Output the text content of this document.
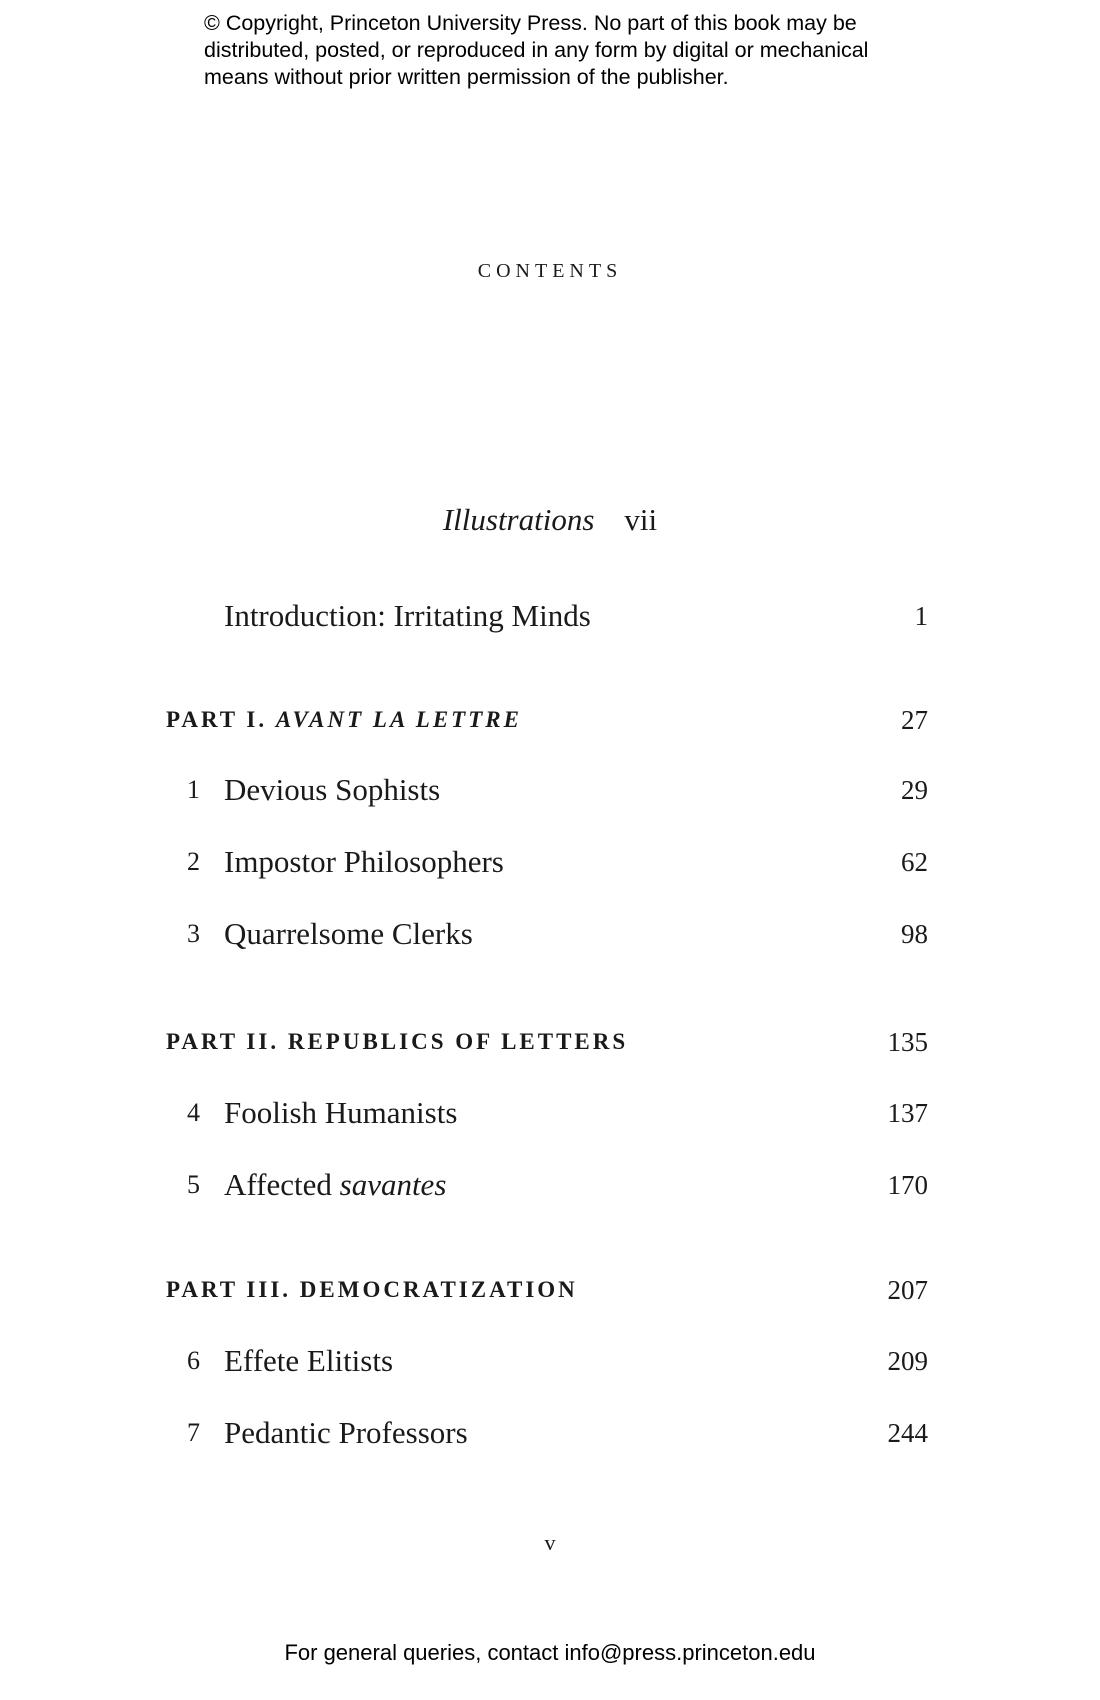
© Copyright, Princeton University Press. No part of this book may be
distributed, posted, or reproduced in any form by digital or mechanical
means without prior written permission of the publisher.
contents
Illustrations vii
Introduction: Irritating Minds	1
PART I. AVANT LA LETTRE	27
1 Devious Sophists	29
2 Impostor Philosophers	62
3 Quarrelsome Clerks	98
PART II. REPUBLICS OF LETTERS	135
4 Foolish Humanists	137
5 Affected savantes	170
PART III. DEMOCRATIZATION	207
6 Effete Elitists	209
7 Pedantic Professors	244
v
For general queries, contact info@press.princeton.edu
